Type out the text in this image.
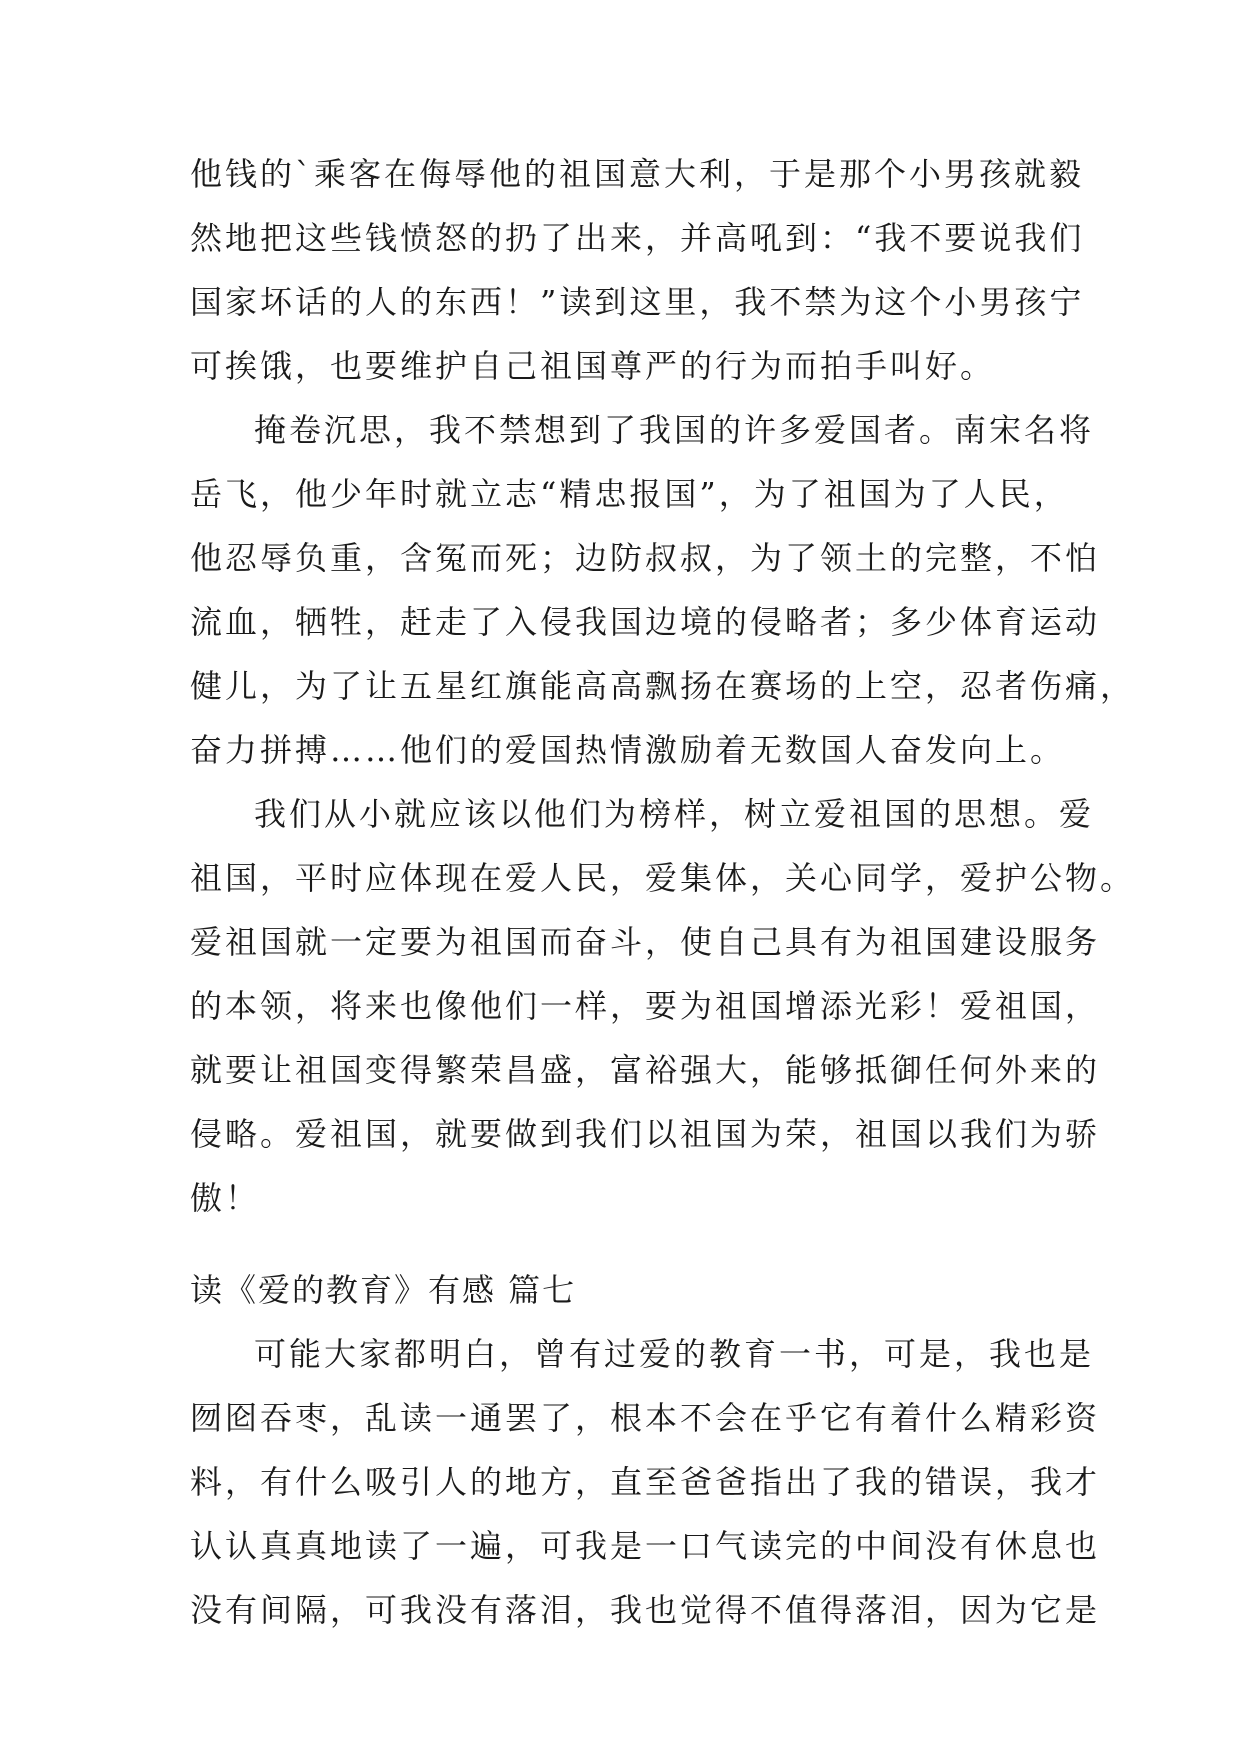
他钱的`乘客在侮辱他的祖国意大利，于是那个小男孩就毅
然地把这些钱愤怒的扔了出来，并高吼到：“我不要说我们
国家坏话的人的东西！”读到这里，我不禁为这个小男孩宁
可挨饿，也要维护自己祖国尊严的行为而拍手叫好。
掩卷沉思，我不禁想到了我国的许多爱国者。南宋名将
岳飞，他少年时就立志“精忠报国”，为了祖国为了人民，
他忍辱负重，含冤而死；边防叔叔，为了领土的完整，不怕
流血，牺牲，赶走了入侵我国边境的侵略者；多少体育运动
健儿，为了让五星红旗能高高飘扬在赛场的上空，忍者伤痛，
奋力拼搏……他们的爱国热情激励着无数国人奋发向上。
我们从小就应该以他们为榜样，树立爱祖国的思想。爱
祖国，平时应体现在爱人民，爱集体，关心同学，爱护公物。
爱祖国就一定要为祖国而奋斗，使自己具有为祖国建设服务
的本领，将来也像他们一样，要为祖国增添光彩！爱祖国，
就要让祖国变得繁荣昌盛，富裕强大，能够抵御任何外来的
侵略。爱祖国，就要做到我们以祖国为荣，祖国以我们为骄
傲！
读《爱的教育》有感 篇七
可能大家都明白，曾有过爱的教育一书，可是，我也是
囫囵吞枣，乱读一通罢了，根本不会在乎它有着什么精彩资
料，有什么吸引人的地方，直至爸爸指出了我的错误，我才
认认真真地读了一遍，可我是一口气读完的中间没有休息也
没有间隔，可我没有落泪，我也觉得不值得落泪，因为它是
